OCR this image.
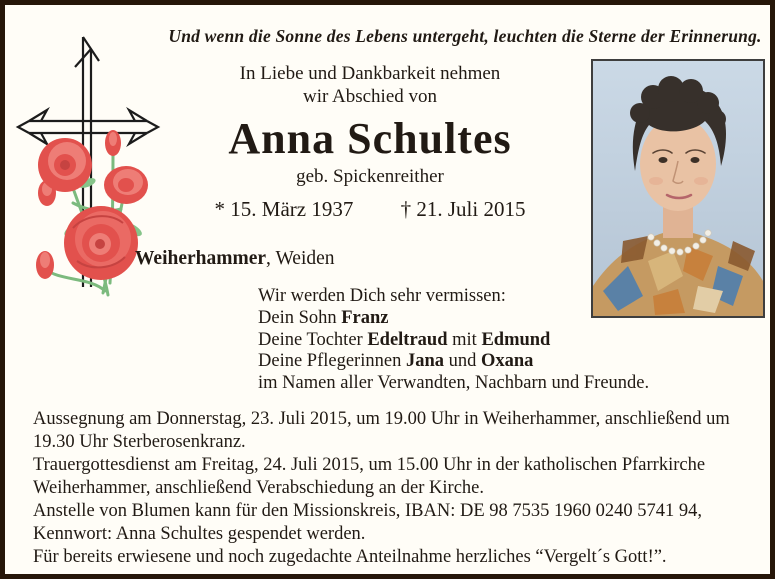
Und wenn die Sonne des Lebens untergeht, leuchten die Sterne der Erinnerung.

In Liebe und Dankbarkeit nehmen

wir Abschied von

Anna Schultes

geb. Spickenreither

* 15. März 1937 † 21. Juli 2015

Weiherhammer, Weiden

Wir werden Dich sehr vermissen:

Dein Sohn Franz

Deine Tochter Edeltraud mit Edmund

Deine Pflegerinnen Jana und Oxana

im Namen aller Verwandten, Nachbarn und Freunde.

Aussegnung am Donnerstag, 23. Juli 2015, um 19.00 Uhr in Weiherhammer, anschließend um 19.30 Uhr Sterberosenkranz.

Trauergottesdienst am Freitag, 24. Juli 2015, um 15.00 Uhr in der katholischen Pfarrkirche Weiherhammer, anschließend Verabschiedung an der Kirche.

Anstelle von Blumen kann für den Missionskreis, IBAN: DE 98 7535 1960 0240 5741 94, Kennwort: Anna Schultes gespendet werden.

Für bereits erwiesene und noch zugedachte Anteilnahme herzliches “Vergelt´s Gott!”.
